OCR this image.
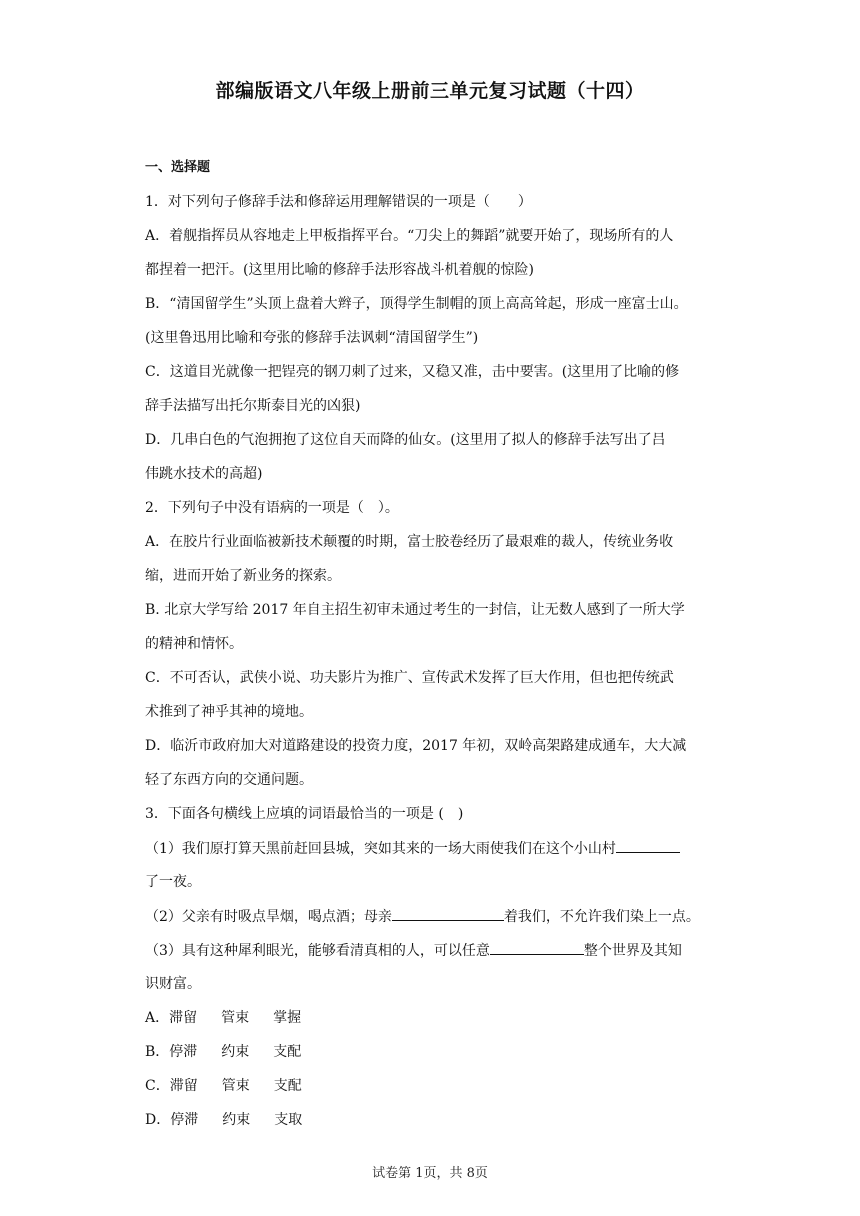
部编版语文八年级上册前三单元复习试题（十四）
一、选择题
1．对下列句子修辞手法和修辞运用理解错误的一项是（　　）
A．着舰指挥员从容地走上甲板指挥平台。“刀尖上的舞蹈”就要开始了，现场所有的人
都捏着一把汗。(这里用比喻的修辞手法形容战斗机着舰的惊险)
B．“清国留学生”头顶上盘着大辫子，顶得学生制帽的顶上高高耸起，形成一座富士山。
(这里鲁迅用比喻和夸张的修辞手法讽刺“清国留学生”)
C．这道目光就像一把锃亮的钢刀刺了过来，又稳又准，击中要害。(这里用了比喻的修
辞手法描写出托尔斯泰目光的凶狠)
D．几串白色的气泡拥抱了这位自天而降的仙女。(这里用了拟人的修辞手法写出了吕
伟跳水技术的高超)
2．下列句子中没有语病的一项是（　）。
A．在胶片行业面临被新技术颠覆的时期，富士胶卷经历了最艰难的裁人，传统业务收
缩，进而开始了新业务的探索。
B. 北京大学写给 2017 年自主招生初审未通过考生的一封信，让无数人感到了一所大学
的精神和情怀。
C．不可否认，武侠小说、功夫影片为推广、宣传武术发挥了巨大作用，但也把传统武
术推到了神乎其神的境地。
D．临沂市政府加大对道路建设的投资力度，2017 年初，双岭高架路建成通车，大大减
轻了东西方向的交通问题。
3．下面各句横线上应填的词语最恰当的一项是 (　)
（1）我们原打算天黑前赶回县城，突如其来的一场大雨使我们在这个小山村
了一夜。
（2）父亲有时吸点旱烟，喝点酒；母亲	着我们，不允许我们染上一点。
（3）具有这种犀利眼光，能够看清真相的人，可以任意	整个世界及其知
识财富。
A．滞留 管束 掌握
B．停滞 约束 支配
C．滞留 管束 支配
D．停滞 约束 支取
试卷第 1页，共 8页
